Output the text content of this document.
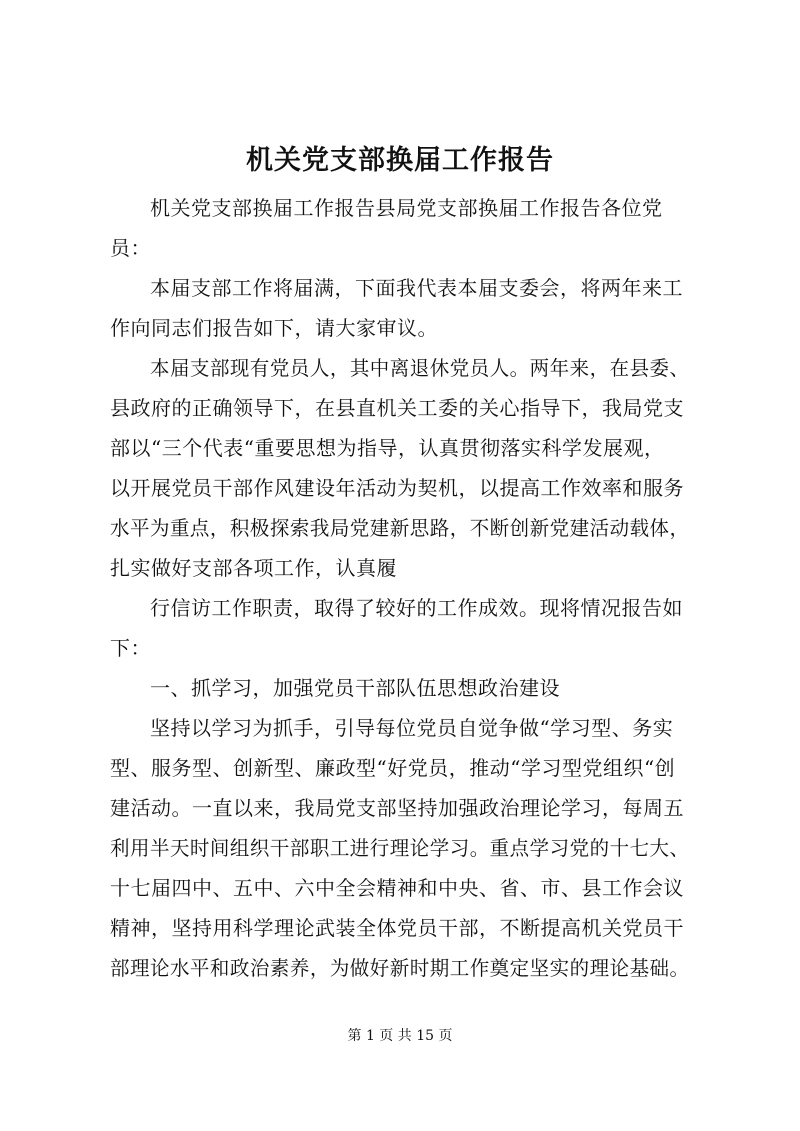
机关党支部换届工作报告
机关党支部换届工作报告县局党支部换届工作报告各位党
员：
本届支部工作将届满，下面我代表本届支委会，将两年来工
作向同志们报告如下，请大家审议。
本届支部现有党员人，其中离退休党员人。两年来，在县委、
县政府的正确领导下，在县直机关工委的关心指导下，我局党支
部以“三个代表“重要思想为指导，认真贯彻落实科学发展观，
以开展党员干部作风建设年活动为契机，以提高工作效率和服务
水平为重点，积极探索我局党建新思路，不断创新党建活动载体，
扎实做好支部各项工作，认真履
行信访工作职责，取得了较好的工作成效。现将情况报告如
下：
一、抓学习，加强党员干部队伍思想政治建设
坚持以学习为抓手，引导每位党员自觉争做“学习型、务实
型、服务型、创新型、廉政型“好党员，推动“学习型党组织“创
建活动。一直以来，我局党支部坚持加强政治理论学习，每周五
利用半天时间组织干部职工进行理论学习。重点学习党的十七大、
十七届四中、五中、六中全会精神和中央、省、市、县工作会议
精神，坚持用科学理论武装全体党员干部，不断提高机关党员干
部理论水平和政治素养，为做好新时期工作奠定坚实的理论基础。
第 1 页 共 15 页
